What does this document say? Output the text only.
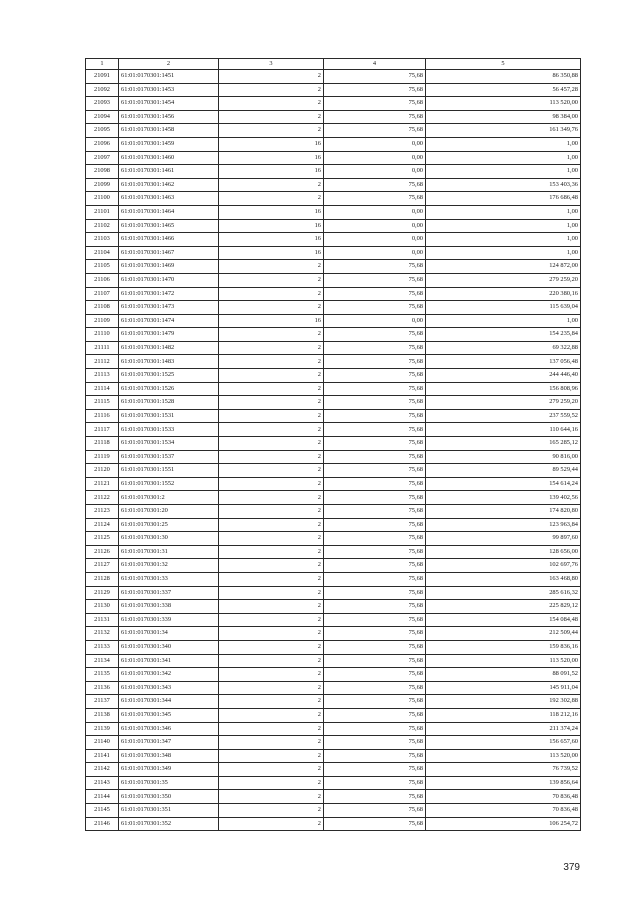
1	2	3	4	5
21091	61:01:0170301:1451	2	75,68	86 350,88
21092	61:01:0170301:1453	2	75,68	56 457,28
21093	61:01:0170301:1454	2	75,68	113 520,00
21094	61:01:0170301:1456	2	75,68	98 384,00
21095	61:01:0170301:1458	2	75,68	161 349,76
21096	61:01:0170301:1459	16	0,00	1,00
21097	61:01:0170301:1460	16	0,00	1,00
21098	61:01:0170301:1461	16	0,00	1,00
21099	61:01:0170301:1462	2	75,68	153 403,36
21100	61:01:0170301:1463	2	75,68	176 686,48
21101	61:01:0170301:1464	16	0,00	1,00
21102	61:01:0170301:1465	16	0,00	1,00
21103	61:01:0170301:1466	16	0,00	1,00
21104	61:01:0170301:1467	16	0,00	1,00
21105	61:01:0170301:1469	2	75,68	124 872,00
21106	61:01:0170301:1470	2	75,68	279 259,20
21107	61:01:0170301:1472	2	75,68	220 380,16
21108	61:01:0170301:1473	2	75,68	115 639,04
21109	61:01:0170301:1474	16	0,00	1,00
21110	61:01:0170301:1479	2	75,68	154 235,84
21111	61:01:0170301:1482	2	75,68	69 322,88
21112	61:01:0170301:1483	2	75,68	137 056,48
21113	61:01:0170301:1525	2	75,68	244 446,40
21114	61:01:0170301:1526	2	75,68	156 808,96
21115	61:01:0170301:1528	2	75,68	279 259,20
21116	61:01:0170301:1531	2	75,68	237 559,52
21117	61:01:0170301:1533	2	75,68	110 644,16
21118	61:01:0170301:1534	2	75,68	165 285,12
21119	61:01:0170301:1537	2	75,68	90 816,00
21120	61:01:0170301:1551	2	75,68	89 529,44
21121	61:01:0170301:1552	2	75,68	154 614,24
21122	61:01:0170301:2	2	75,68	139 402,56
21123	61:01:0170301:20	2	75,68	174 820,80
21124	61:01:0170301:25	2	75,68	123 963,84
21125	61:01:0170301:30	2	75,68	99 897,60
21126	61:01:0170301:31	2	75,68	128 656,00
21127	61:01:0170301:32	2	75,68	102 697,76
21128	61:01:0170301:33	2	75,68	163 468,80
21129	61:01:0170301:337	2	75,68	285 616,32
21130	61:01:0170301:338	2	75,68	225 829,12
21131	61:01:0170301:339	2	75,68	154 084,48
21132	61:01:0170301:34	2	75,68	212 509,44
21133	61:01:0170301:340	2	75,68	159 836,16
21134	61:01:0170301:341	2	75,68	113 520,00
21135	61:01:0170301:342	2	75,68	88 091,52
21136	61:01:0170301:343	2	75,68	145 911,04
21137	61:01:0170301:344	2	75,68	192 302,88
21138	61:01:0170301:345	2	75,68	118 212,16
21139	61:01:0170301:346	2	75,68	211 374,24
21140	61:01:0170301:347	2	75,68	156 657,60
21141	61:01:0170301:348	2	75,68	113 520,00
21142	61:01:0170301:349	2	75,68	76 739,52
21143	61:01:0170301:35	2	75,68	139 856,64
21144	61:01:0170301:350	2	75,68	70 836,48
21145	61:01:0170301:351	2	75,68	70 836,48
21146	61:01:0170301:352	2	75,68	106 254,72
379
